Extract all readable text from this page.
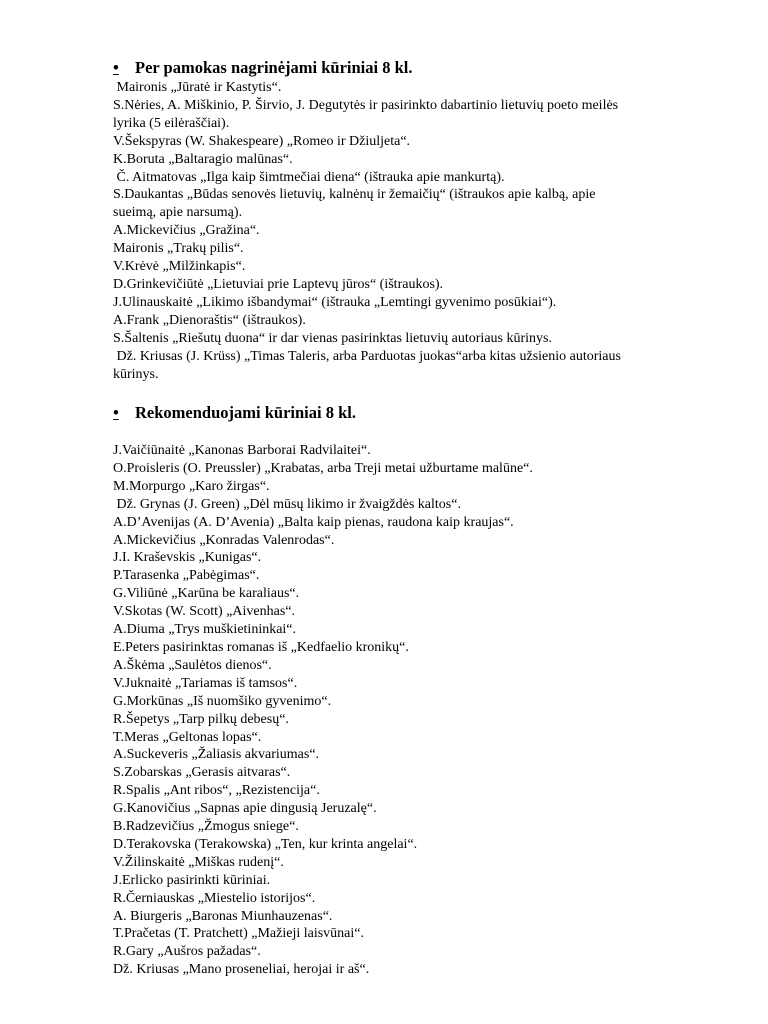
• Per pamokas nagrinėjami kūriniai 8 kl.
Maironis „Jūratė ir Kastytis“.
S.Nėries, A. Miškinio, P. Širvio, J. Degutytės ir pasirinkto dabartinio lietuvių poeto meilės
lyrika (5 eilėraščiai).
V.Šekspyras (W. Shakespeare) „Romeo ir Džiuljeta“.
K.Boruta „Baltaragio malūnas“.
Č. Aitmatovas „Ilga kaip šimtmečiai diena“ (ištrauka apie mankurtą).
S.Daukantas „Būdas senovės lietuvių, kalnėnų ir žemaičių“ (ištraukos apie kalbą, apie
sueimą, apie narsumą).
A.Mickevičius „Gražina“.
Maironis „Trakų pilis“.
V.Krėvė „Milžinkapis“.
D.Grinkevičiūtė „Lietuviai prie Laptevų jūros“ (ištraukos).
J.Ulinauskaitė „Likimo išbandymai“ (ištrauka „Lemtingi gyvenimo posūkiai“).
A.Frank „Dienoraštis“ (ištraukos).
S.Šaltenis „Riešutų duona“ ir dar vienas pasirinktas lietuvių autoriaus kūrinys.
Dž. Kriusas (J. Krüss) „Timas Taleris, arba Parduotas juokas“arba kitas užsienio autoriaus
kūrinys.
• Rekomenduojami kūriniai 8 kl.
J.Vaičiūnaitė „Kanonas Barborai Radvilaitei“.
O.Proisleris (O. Preussler) „Krabatas, arba Treji metai užburtame malūne“.
M.Morpurgo „Karo žirgas“.
Dž. Grynas (J. Green) „Dėl mūsų likimo ir žvaigždės kaltos“.
A.D’Avenijas (A. D’Avenia) „Balta kaip pienas, raudona kaip kraujas“.
A.Mickevičius „Konradas Valenrodas“.
J.I. Kraševskis „Kunigas“.
P.Tarasenka „Pabėgimas“.
G.Viliūnė „Karūna be karaliaus“.
V.Skotas (W. Scott) „Aivenhas“.
A.Diuma „Trys muškietininkai“.
E.Peters pasirinktas romanas iš „Kedfaelio kronikų“.
A.Škėma „Saulėtos dienos“.
V.Juknaitė „Tariamas iš tamsos“.
G.Morkūnas „Iš nuomšiko gyvenimo“.
R.Šepetys „Tarp pilkų debesų“.
T.Meras „Geltonas lopas“.
A.Suckeveris „Žaliasis akvariumas“.
S.Zobarskas „Gerasis aitvaras“.
R.Spalis „Ant ribos“, „Rezistencija“.
G.Kanovičius „Sapnas apie dingusią Jeruzalę“.
B.Radzevičius „Žmogus sniege“.
D.Terakovska (Terakowska) „Ten, kur krinta angelai“.
V.Žilinskaitė „Miškas rudenį“.
J.Erlicko pasirinkti kūriniai.
R.Černiauskas „Miestelio istorijos“.
A. Biurgeris „Baronas Miunhauzenas“.
T.Pračetas (T. Pratchett) „Mažieji laisvūnai“.
R.Gary „Aušros pažadas“.
Dž. Kriusas „Mano proseneliai, herojai ir aš“.
